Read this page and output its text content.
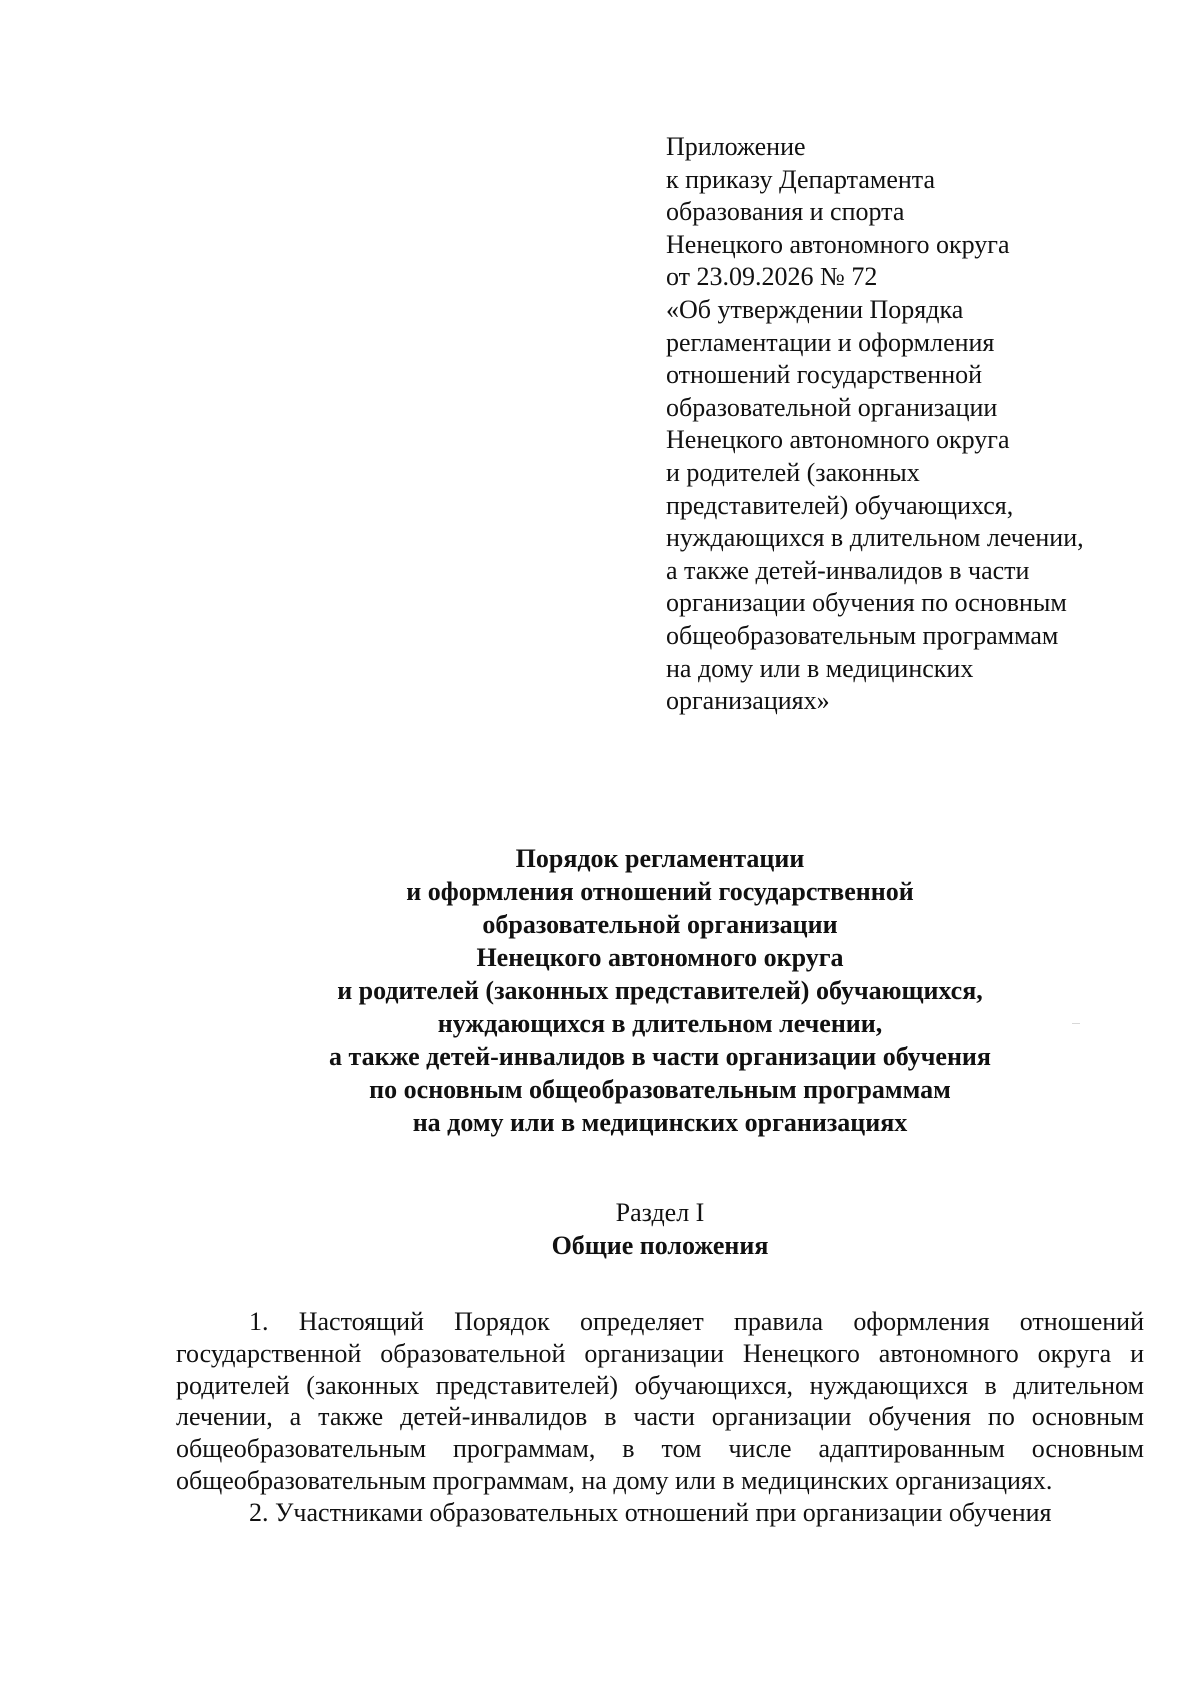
Приложение
к приказу Департамента
образования и спорта
Ненецкого автономного округа
от 23.09.2026 № 72
«Об утверждении Порядка
регламентации и оформления
отношений государственной
образовательной организации
Ненецкого автономного округа
и родителей (законных
представителей) обучающихся,
нуждающихся в длительном лечении,
а также детей-инвалидов в части
организации обучения по основным
общеобразовательным программам
на дому или в медицинских
организациях»
Порядок регламентации
и оформления отношений государственной
образовательной организации
Ненецкого автономного округа
и родителей (законных представителей) обучающихся,
нуждающихся в длительном лечении,
а также детей-инвалидов в части организации обучения
по основным общеобразовательным программам
на дому или в медицинских организациях
Раздел I
Общие положения

1. Настоящий Порядок определяет правила оформления отношений государственной образовательной организации Ненецкого автономного округа и родителей (законных представителей) обучающихся, нуждающихся в длительном лечении, а также детей-инвалидов в части организации обучения по основным общеобразовательным программам, в том числе адаптированным основным общеобразовательным программам, на дому или в медицинских организациях.

2. Участниками образовательных отношений при организации обучения
